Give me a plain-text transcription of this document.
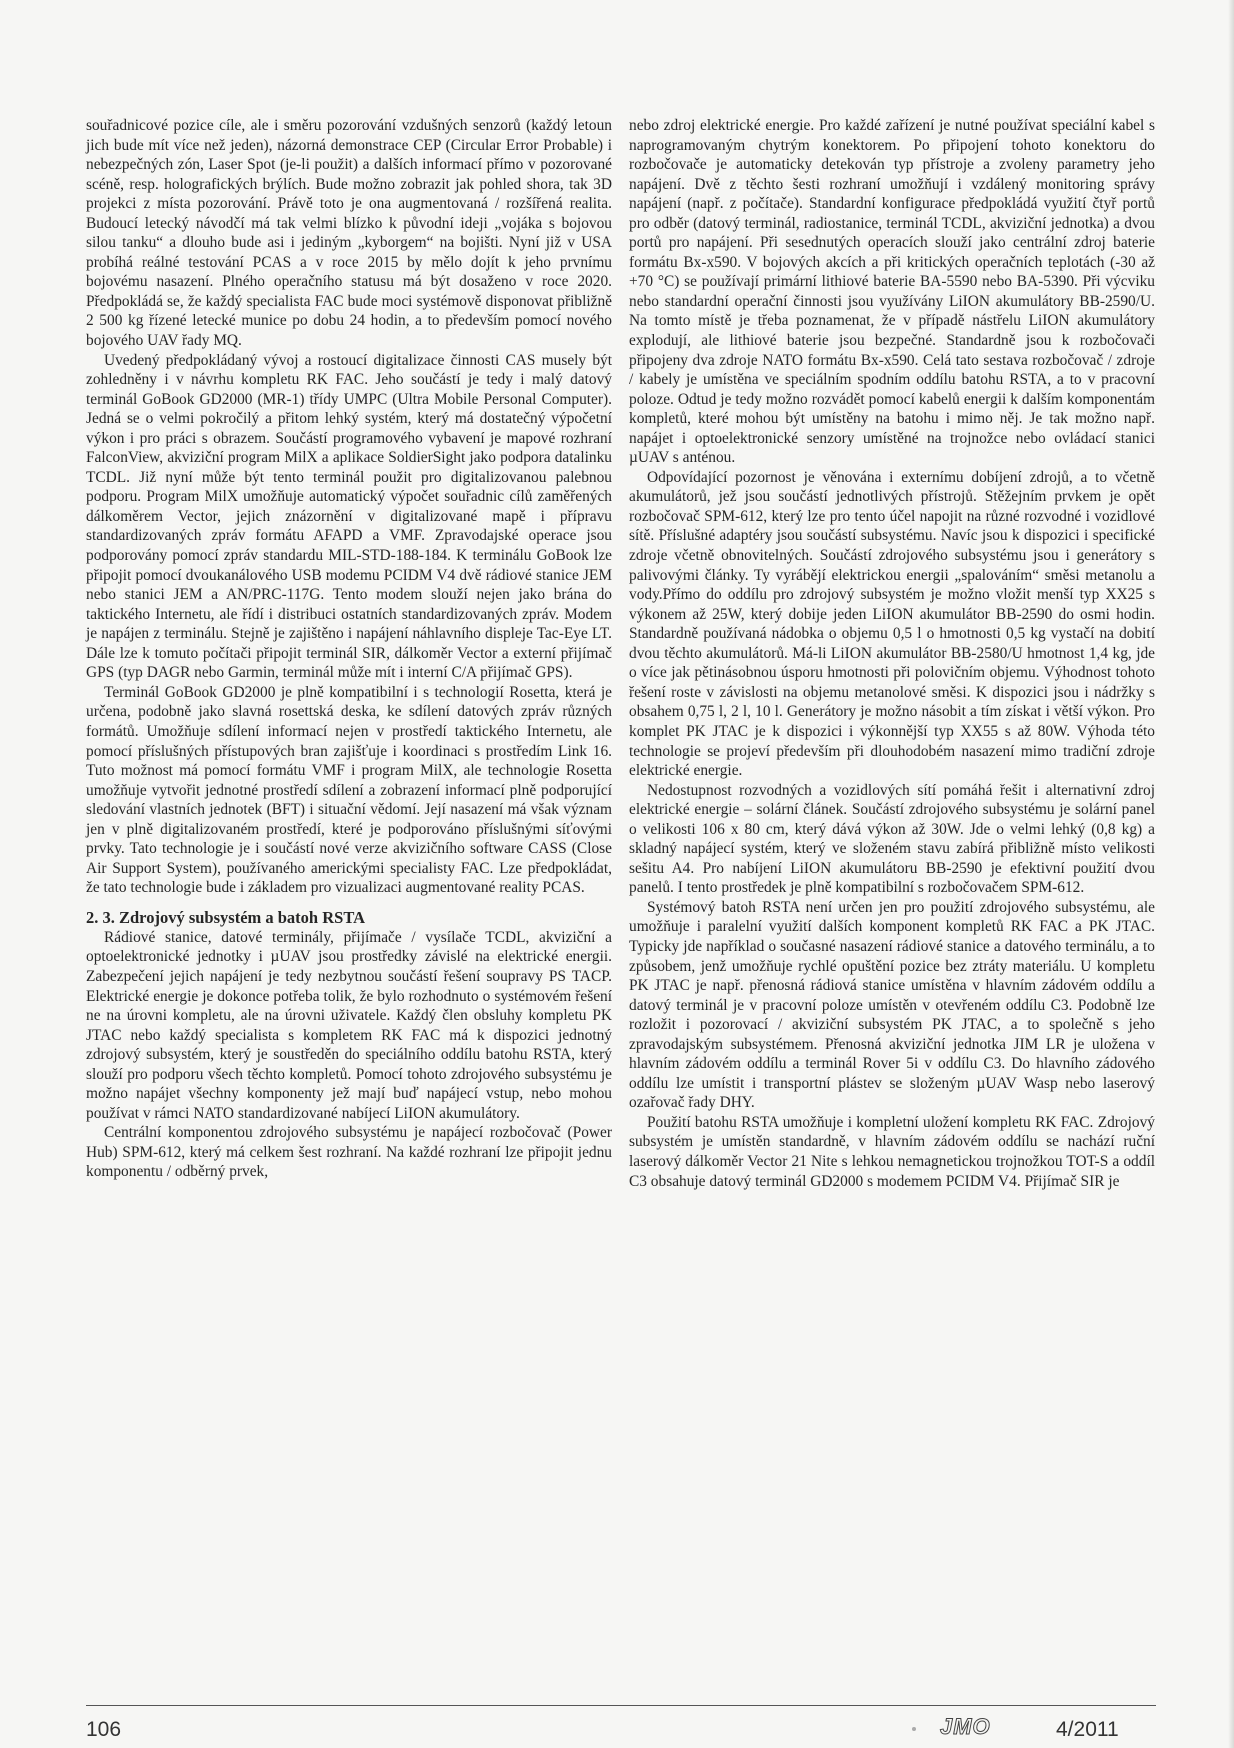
souřadnicové pozice cíle, ale i směru pozorování vzdušných senzorů (každý letoun jich bude mít více než jeden), názorná demonstrace CEP (Circular Error Probable) i nebezpečných zón, Laser Spot (je-li použit) a dalších informací přímo v pozorované scéně, resp. holografických brýlích. Bude možno zobrazit jak pohled shora, tak 3D projekci z místa pozorování. Právě toto je ona augmentovaná / rozšířená realita. Budoucí letecký návodčí má tak velmi blízko k původní ideji „vojáka s bojovou silou tanku“ a dlouho bude asi i jediným „kyborgem“ na bojišti. Nyní již v USA probíhá reálné testování PCAS a v roce 2015 by mělo dojít k jeho prvnímu bojovému nasazení. Plného operačního statusu má být dosaženo v roce 2020. Předpokládá se, že každý specialista FAC bude moci systémově disponovat přibližně 2 500 kg řízené letecké munice po dobu 24 hodin, a to především pomocí nového bojového UAV řady MQ.

Uvedený předpokládaný vývoj a rostoucí digitalizace činnosti CAS musely být zohledněny i v návrhu kompletu RK FAC. Jeho součástí je tedy i malý datový terminál GoBook GD2000 (MR-1) třídy UMPC (Ultra Mobile Personal Computer). Jedná se o velmi pokročilý a přitom lehký systém, který má dostatečný výpočetní výkon i pro práci s obrazem. Součástí programového vybavení je mapové rozhraní FalconView, akviziční program MilX a aplikace SoldierSight jako podpora datalinku TCDL. Již nyní může být tento terminál použit pro digitalizovanou palebnou podporu. Program MilX umožňuje automatický výpočet souřadnic cílů zaměřených dálkoměrem Vector, jejich znázornění v digitalizované mapě i přípravu standardizovaných zpráv formátu AFAPD a VMF. Zpravodajské operace jsou podporovány pomocí zpráv standardu MIL-STD-188-184. K terminálu GoBook lze připojit pomocí dvoukanálového USB modemu PCIDM V4 dvě rádiové stanice JEM nebo stanici JEM a AN/PRC-117G. Tento modem slouží nejen jako brána do taktického Internetu, ale řídí i distribuci ostatních standardizovaných zpráv. Modem je napájen z terminálu. Stejně je zajištěno i napájení náhlavního displeje Tac-Eye LT. Dále lze k tomuto počítači připojit terminál SIR, dálkoměr Vector a externí přijímač GPS (typ DAGR nebo Garmin, terminál může mít i interní C/A přijímač GPS).

Terminál GoBook GD2000 je plně kompatibilní i s technologií Rosetta, která je určena, podobně jako slavná rosettská deska, ke sdílení datových zpráv různých formátů. Umožňuje sdílení informací nejen v prostředí taktického Internetu, ale pomocí příslušných přístupových bran zajišťuje i koordinaci s prostředím Link 16. Tuto možnost má pomocí formátu VMF i program MilX, ale technologie Rosetta umožňuje vytvořit jednotné prostředí sdílení a zobrazení informací plně podporující sledování vlastních jednotek (BFT) i situační vědomí. Její nasazení má však význam jen v plně digitalizovaném prostředí, které je podporováno příslušnými síťovými prvky. Tato technologie je i součástí nové verze akvizičního software CASS (Close Air Support System), používaného americkými specialisty FAC. Lze předpokládat, že tato technologie bude i základem pro vizualizaci augmentované reality PCAS.

2. 3. Zdrojový subsystém a batoh RSTA

Rádiové stanice, datové terminály, přijímače / vysílače TCDL, akviziční a optoelektronické jednotky i µUAV jsou prostředky závislé na elektrické energii. Zabezpečení jejich napájení je tedy nezbytnou součástí řešení soupravy PS TACP. Elektrické energie je dokonce potřeba tolik, že bylo rozhodnuto o systémovém řešení ne na úrovni kompletu, ale na úrovni uživatele. Každý člen obsluhy kompletu PK JTAC nebo každý specialista s kompletem RK FAC má k dispozici jednotný zdrojový subsystém, který je soustředěn do speciálního oddílu batohu RSTA, který slouží pro podporu všech těchto kompletů. Pomocí tohoto zdrojového subsystému je možno napájet všechny komponenty jež mají buď napájecí vstup, nebo mohou používat v rámci NATO standardizované nabíjecí LiION akumulátory.

Centrální komponentou zdrojového subsystému je napájecí rozbočovač (Power Hub) SPM-612, který má celkem šest rozhraní. Na každé rozhraní lze připojit jednu komponentu / odběrný prvek,

nebo zdroj elektrické energie. Pro každé zařízení je nutné používat speciální kabel s naprogramovaným chytrým konektorem. Po připojení tohoto konektoru do rozbočovače je automaticky detekován typ přístroje a zvoleny parametry jeho napájení. Dvě z těchto šesti rozhraní umožňují i vzdálený monitoring správy napájení (např. z počítače). Standardní konfigurace předpokládá využití čtyř portů pro odběr (datový terminál, radiostanice, terminál TCDL, akviziční jednotka) a dvou portů pro napájení. Při sesednutých operacích slouží jako centrální zdroj baterie formátu Bx-x590. V bojových akcích a při kritických operačních teplotách (-30 až +70 °C) se používají primární lithiové baterie BA-5590 nebo BA-5390. Při výcviku nebo standardní operační činnosti jsou využívány LiION akumulátory BB-2590/U. Na tomto místě je třeba poznamenat, že v případě nástřelu LiION akumulátory explodují, ale lithiové baterie jsou bezpečné. Standardně jsou k rozbočovači připojeny dva zdroje NATO formátu Bx-x590. Celá tato sestava rozbočovač / zdroje / kabely je umístěna ve speciálním spodním oddílu batohu RSTA, a to v pracovní poloze. Odtud je tedy možno rozvádět pomocí kabelů energii k dalším komponentám kompletů, které mohou být umístěny na batohu i mimo něj. Je tak možno např. napájet i optoelektronické senzory umístěné na trojnožce nebo ovládací stanici µUAV s anténou.

Odpovídající pozornost je věnována i externímu dobíjení zdrojů, a to včetně akumulátorů, jež jsou součástí jednotlivých přístrojů. Stěžejním prvkem je opět rozbočovač SPM-612, který lze pro tento účel napojit na různé rozvodné i vozidlové sítě. Příslušné adaptéry jsou součástí subsystému. Navíc jsou k dispozici i specifické zdroje včetně obnovitelných. Součástí zdrojového subsystému jsou i generátory s palivovými články. Ty vyrábějí elektrickou energii „spalováním“ směsi metanolu a vody.Přímo do oddílu pro zdrojový subsystém je možno vložit menší typ XX25 s výkonem až 25W, který dobije jeden LiION akumulátor BB-2590 do osmi hodin. Standardně používaná nádobka o objemu 0,5 l o hmotnosti 0,5 kg vystačí na dobití dvou těchto akumulátorů. Má-li LiION akumulátor BB-2580/U hmotnost 1,4 kg, jde o více jak pětinásobnou úsporu hmotnosti při polovičním objemu. Výhodnost tohoto řešení roste v závislosti na objemu metanolové směsi. K dispozici jsou i nádržky s obsahem 0,75 l, 2 l, 10 l. Generátory je možno násobit a tím získat i větší výkon. Pro komplet PK JTAC je k dispozici i výkonnější typ XX55 s až 80W. Výhoda této technologie se projeví především při dlouhodobém nasazení mimo tradiční zdroje elektrické energie.

Nedostupnost rozvodných a vozidlových sítí pomáhá řešit i alternativní zdroj elektrické energie – solární článek. Součástí zdrojového subsystému je solární panel o velikosti 106 x 80 cm, který dává výkon až 30W. Jde o velmi lehký (0,8 kg) a skladný napájecí systém, který ve složeném stavu zabírá přibližně místo velikosti sešitu A4. Pro nabíjení LiION akumulátoru BB-2590 je efektivní použití dvou panelů. I tento prostředek je plně kompatibilní s rozbočovačem SPM-612.

Systémový batoh RSTA není určen jen pro použití zdrojového subsystému, ale umožňuje i paralelní využití dalších komponent kompletů RK FAC a PK JTAC. Typicky jde například o současné nasazení rádiové stanice a datového terminálu, a to způsobem, jenž umožňuje rychlé opuštění pozice bez ztráty materiálu. U kompletu PK JTAC je např. přenosná rádiová stanice umístěna v hlavním zádovém oddílu a datový terminál je v pracovní poloze umístěn v otevřeném oddílu C3. Podobně lze rozložit i pozorovací / akviziční subsystém PK JTAC, a to společně s jeho zpravodajským subsystémem. Přenosná akviziční jednotka JIM LR je uložena v hlavním zádovém oddílu a terminál Rover 5i v oddílu C3. Do hlavního zádového oddílu lze umístit i transportní plástev se složeným µUAV Wasp nebo laserový ozařovač řady DHY.

Použití batohu RSTA umožňuje i kompletní uložení kompletu RK FAC. Zdrojový subsystém je umístěn standardně, v hlavním zádovém oddílu se nachází ruční laserový dálkoměr Vector 21 Nite s lehkou nemagnetickou trojnožkou TOT-S a oddíl C3 obsahuje datový terminál GD2000 s modemem PCIDM V4. Přijímač SIR je

106	JMO	4/2011
